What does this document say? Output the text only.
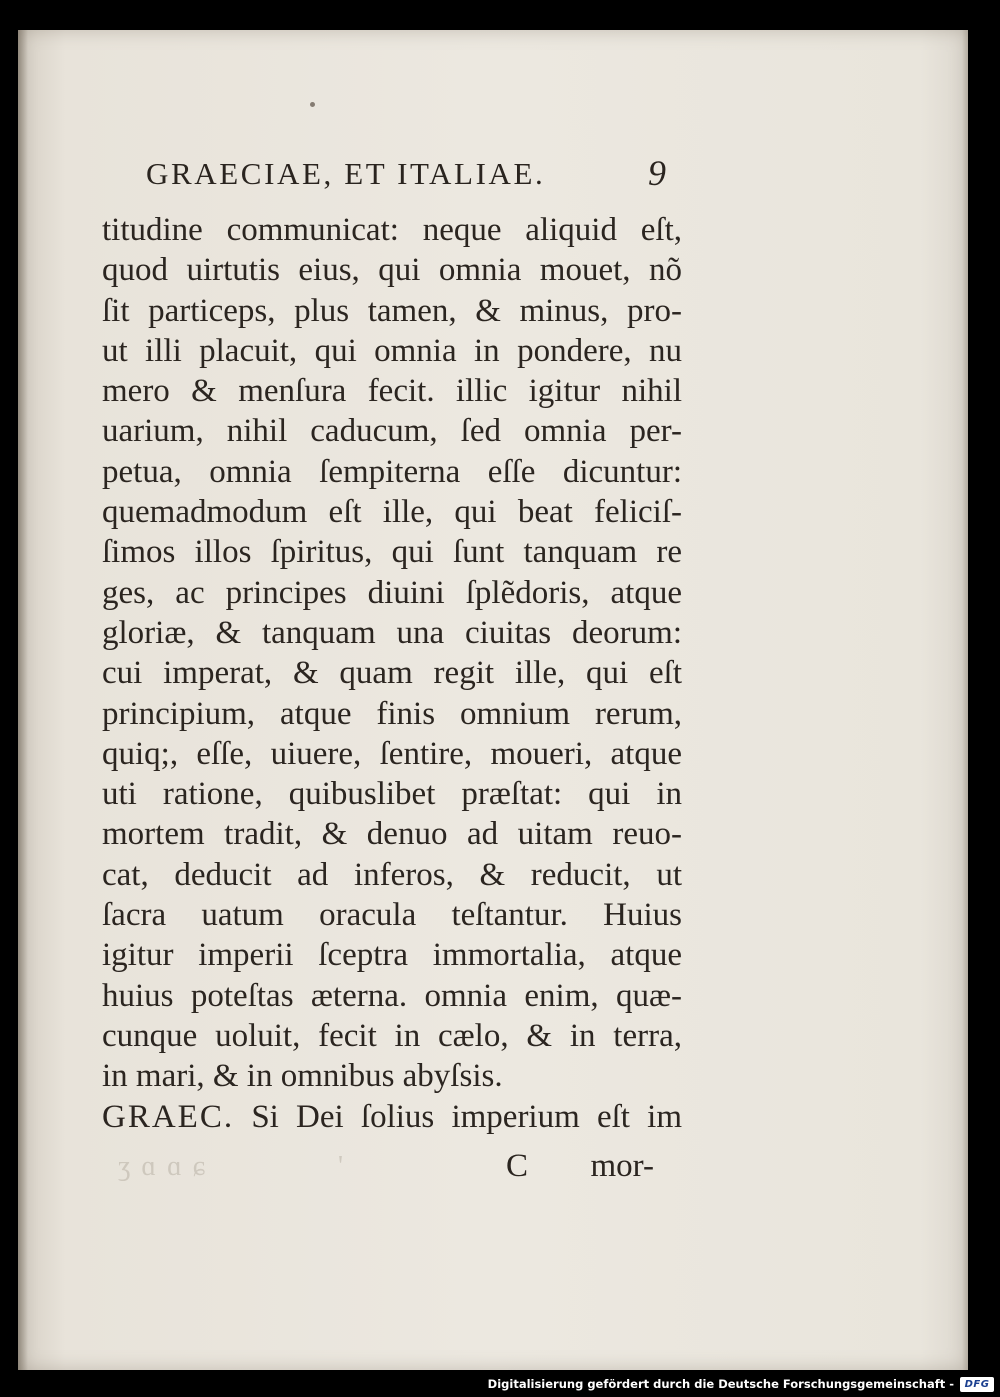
GRAECIAE, ET ITALIAE.	9
titudine communicat: neque aliquid eſt,
quod uirtutis eius, qui omnia mouet, nõ
ſit particeps, plus tamen, & minus, pro-
ut illi placuit, qui omnia in pondere, nu
mero & menſura fecit. illic igitur nihil
uarium, nihil caducum, ſed omnia per-
petua, omnia ſempiterna eſſe dicuntur:
quemadmodum eſt ille, qui beat feliciſ-
ſimos illos ſpiritus, qui ſunt tanquam re
ges, ac principes diuini ſplẽdoris, atque
gloriæ, & tanquam una ciuitas deorum:
cui imperat, & quam regit ille, qui eſt
principium, atque finis omnium rerum,
quiq;, eſſe, uiuere, ſentire, moueri, atque
uti ratione, quibuslibet præſtat: qui in
mortem tradit, & denuo ad uitam reuo-
cat, deducit ad inferos, & reducit, ut
ſacra uatum oracula teſtantur. Huius
igitur imperii ſceptra immortalia, atque
huius poteſtas æterna. omnia enim, quæ-
cunque uoluit, fecit in cælo, & in terra,
in mari, & in omnibus abyſsis.
GRAEC. Si Dei ſolius imperium eſt im
ʒ ɑ ɑ ɕ	'	C mor-
Digitalisierung gefördert durch die Deutsche Forschungsgemeinschaft -	DFG
